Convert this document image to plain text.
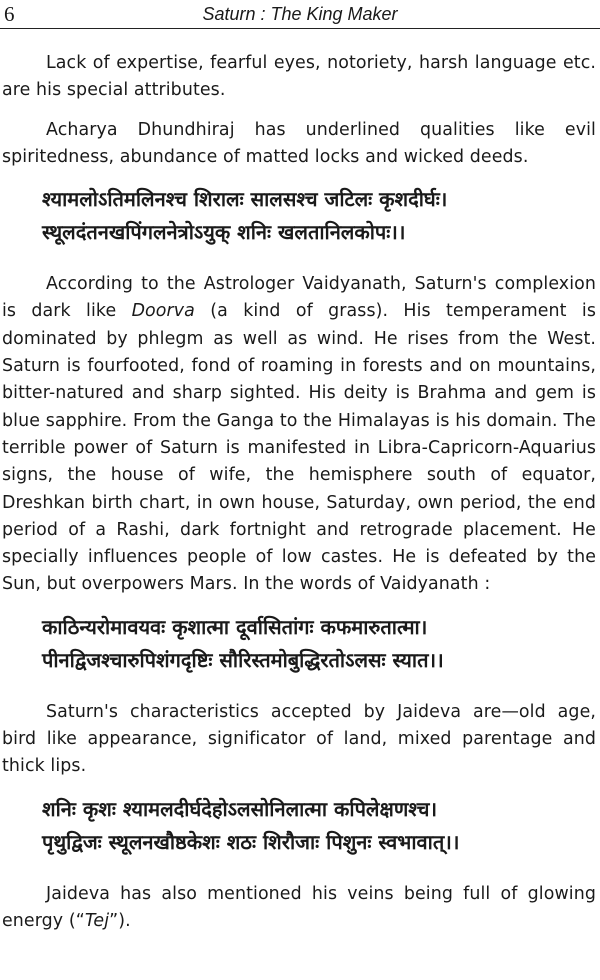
6	Saturn : The King Maker

Lack of expertise, fearful eyes, notoriety, harsh language etc. are his special attributes.

Acharya Dhundhiraj has underlined qualities like evil spiritedness, abundance of matted locks and wicked deeds.

श्यामलोऽतिमलिनश्च शिरालः सालसश्च जटिलः कृशदीर्घः।
स्थूलदंतनखपिंगलनेत्रोऽयुक् शनिः खलतानिलकोपः।।

According to the Astrologer Vaidyanath, Saturn's complexion is dark like Doorva (a kind of grass). His temperament is dominated by phlegm as well as wind. He rises from the West. Saturn is fourfooted, fond of roaming in forests and on mountains, bitter-natured and sharp sighted. His deity is Brahma and gem is blue sapphire. From the Ganga to the Himalayas is his domain. The terrible power of Saturn is manifested in Libra-Capricorn-Aquarius signs, the house of wife, the hemisphere south of equator, Dreshkan birth chart, in own house, Saturday, own period, the end period of a Rashi, dark fortnight and retrograde placement. He specially influences people of low castes. He is defeated by the Sun, but overpowers Mars. In the words of Vaidyanath :

काठिन्यरोमावयवः कृशात्मा दूर्वासितांगः कफमारुतात्मा।
पीनद्विजश्चारुपिशंगदृष्टिः सौरिस्तमोबुद्धिरतोऽलसः स्यात।।

Saturn's characteristics accepted by Jaideva are—old age, bird like appearance, significator of land, mixed parentage and thick lips.

शनिः कृशः श्यामलदीर्घदेहोऽलसोनिलात्मा कपिलेक्षणश्च।
पृथुद्विजः स्थूलनखौष्ठकेशः शठः शिरौजाः पिशुनः स्वभावात्।।

Jaideva has also mentioned his veins being full of glowing energy (“Tej”).
